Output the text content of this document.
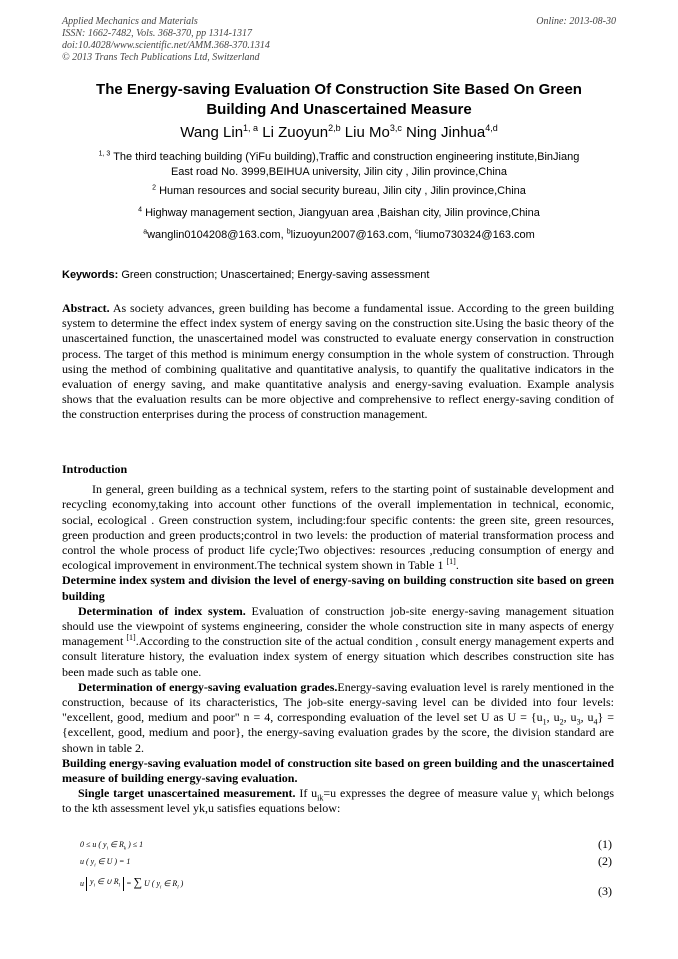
Applied Mechanics and Materials
ISSN: 1662-7482, Vols. 368-370, pp 1314-1317
doi:10.4028/www.scientific.net/AMM.368-370.1314
© 2013 Trans Tech Publications Ltd, Switzerland
Online: 2013-08-30
The Energy-saving Evaluation Of Construction Site Based On Green
Building And Unascertained Measure
Wang Lin$^{1, a}$ Li Zuoyun$^{2,b}$ Liu Mo$^{3,c}$ Ning Jinhua$^{4,d}$
$^{1, 3}$ The third teaching building (YiFu building),Traffic and construction engineering institute,BinJiang
East road No. 3999,BEIHUA university, Jilin city , Jilin province,China
$^2$ Human resources and social security bureau, Jilin city , Jilin province,China
$^4$ Highway management section, Jiangyuan area ,Baishan city, Jilin province,China
$^a$wanglin0104208@163.com, $^b$lizuoyun2007@163.com, $^c$liumo730324@163.com
Keywords: Green construction; Unascertained; Energy-saving assessment

Abstract. As society advances, green building has become a fundamental issue. According to the green building system to determine the effect index system of energy saving on the construction site.Using the basic theory of the unascertained function, the unascertained model was constructed to evaluate energy conservation in construction process. The target of this method is minimum energy consumption in the whole system of construction. Through using the method of combining qualitative and quantitative analysis, to quantify the qualitative indicators in the evaluation of energy saving, and make quantitative analysis and energy-saving evaluation. Example analysis shows that the evaluation results can be more objective and comprehensive to reflect energy-saving condition of the construction enterprises during the process of construction management.

Introduction

In general, green building as a technical system, refers to the starting point of sustainable development and recycling economy,taking into account other functions of the overall implementation in technical, economic, social, ecological . Green construction system, including:four specific contents: the green site, green resources, green production and green products;control in two levels: the production of material transformation process and control the whole process of product life cycle;Two objectives: resources ,reducing consumption of energy and ecological improvement in environment.The technical system shown in Table 1 [1].

Determine index system and division the level of energy-saving on building construction site based on green building

Determination of index system. Evaluation of construction job-site energy-saving management situation should use the viewpoint of systems engineering, consider the whole construction site in many aspects of energy management [1].According to the construction site of the actual condition , consult energy management experts and consult literature history, the evaluation index system of energy situation which describes construction site has been made such as table one.

Determination of energy-saving evaluation grades.Energy-saving evaluation level is rarely mentioned in the construction, because of its characteristics, The job-site energy-saving level can be divided into four levels: "excellent, good, medium and poor" n = 4, corresponding evaluation of the level set U as $U = \{u_1$, $u_2$, $u_3$, $u_4$} = {excellent, good, medium and poor}, the energy-saving evaluation grades by the score, the division standard are shown in table 2.

Building energy-saving evaluation model of construction site based on green building and the unascertained measure of building energy-saving evaluation.

Single target unascertained measurement. If $u_{ik}=u$ expresses the degree of measure value $y_i$ which belongs to the kth assessment level yk,u satisfies equations below:

0 ≤ u ( $y_i$ ∈ $R_k$ ) ≤ 1	(1)
u ( $y_i$ ∈ U ) = 1	(2)
u $y_i$ ∈ ∪ $R_l$ = ∑ U ( $y_i$ ∈ $R_l$ )
(3)
